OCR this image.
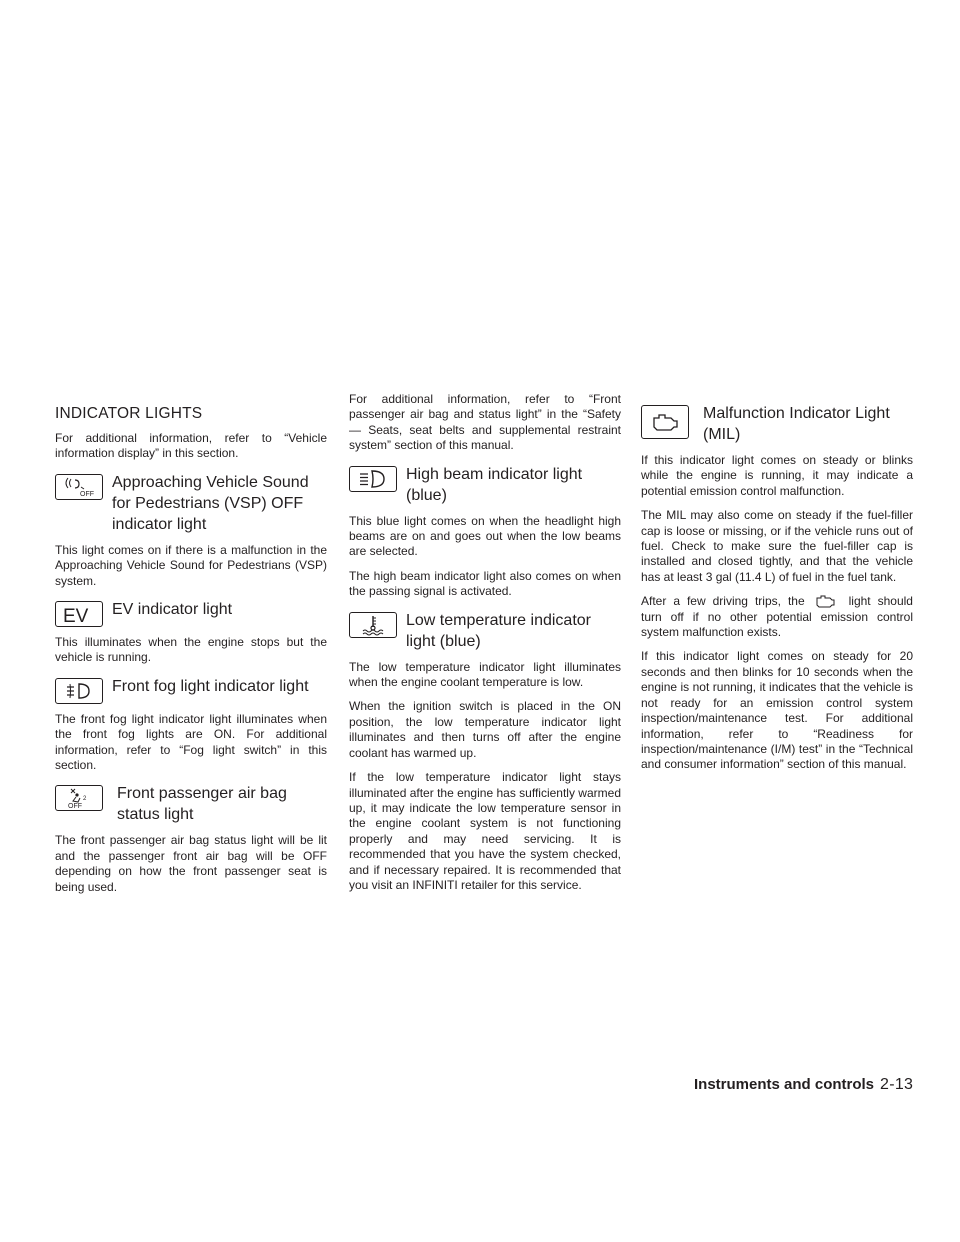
INDICATOR LIGHTS

For additional information, refer to “Vehicle information display” in this section.

OFF
Approaching Vehicle Sound for Pedestrians (VSP) OFF indicator light

This light comes on if there is a malfunction in the Approaching Vehicle Sound for Pedestrians (VSP) system.

EV EV indicator light

This illuminates when the engine stops but the vehicle is running.

Front fog light indicator light

The front fog light indicator light illuminates when the front fog lights are ON. For additional information, refer to “Fog light switch” in this section.

2
OFF
Front passenger air bag status light

The front passenger air bag status light will be lit and the passenger front air bag will be OFF depending on how the front passenger seat is being used.

For additional information, refer to “Front passenger air bag and status light” in the “Safety — Seats, seat belts and supplemental restraint system” section of this manual.

High beam indicator light (blue)

This blue light comes on when the headlight high beams are on and goes out when the low beams are selected.

The high beam indicator light also comes on when the passing signal is activated.

Low temperature indicator light (blue)

The low temperature indicator light illuminates when the engine coolant temperature is low.

When the ignition switch is placed in the ON position, the low temperature indicator light illuminates and then turns off after the engine coolant has warmed up.

If the low temperature indicator light stays illuminated after the engine has sufficiently warmed up, it may indicate the low temperature sensor in the engine coolant system is not functioning properly and may need servicing. It is recommended that you have the system checked, and if necessary repaired. It is recommended that you visit an INFINITI retailer for this service.

Malfunction Indicator Light (MIL)

If this indicator light comes on steady or blinks while the engine is running, it may indicate a potential emission control malfunction.

The MIL may also come on steady if the fuel-filler cap is loose or missing, or if the vehicle runs out of fuel. Check to make sure the fuel-filler cap is installed and closed tightly, and that the vehicle has at least 3 gal (11.4 L) of fuel in the fuel tank.

After a few driving trips, the	light should turn off if no other potential emission control system malfunction exists.

If this indicator light comes on steady for 20 seconds and then blinks for 10 seconds when the engine is not running, it indicates that the vehicle is not ready for an emission control system inspection/maintenance test. For additional information, refer to “Readiness for inspection/maintenance (I/M) test” in the “Technical and consumer information” section of this manual.

Instruments and controls 2-13
